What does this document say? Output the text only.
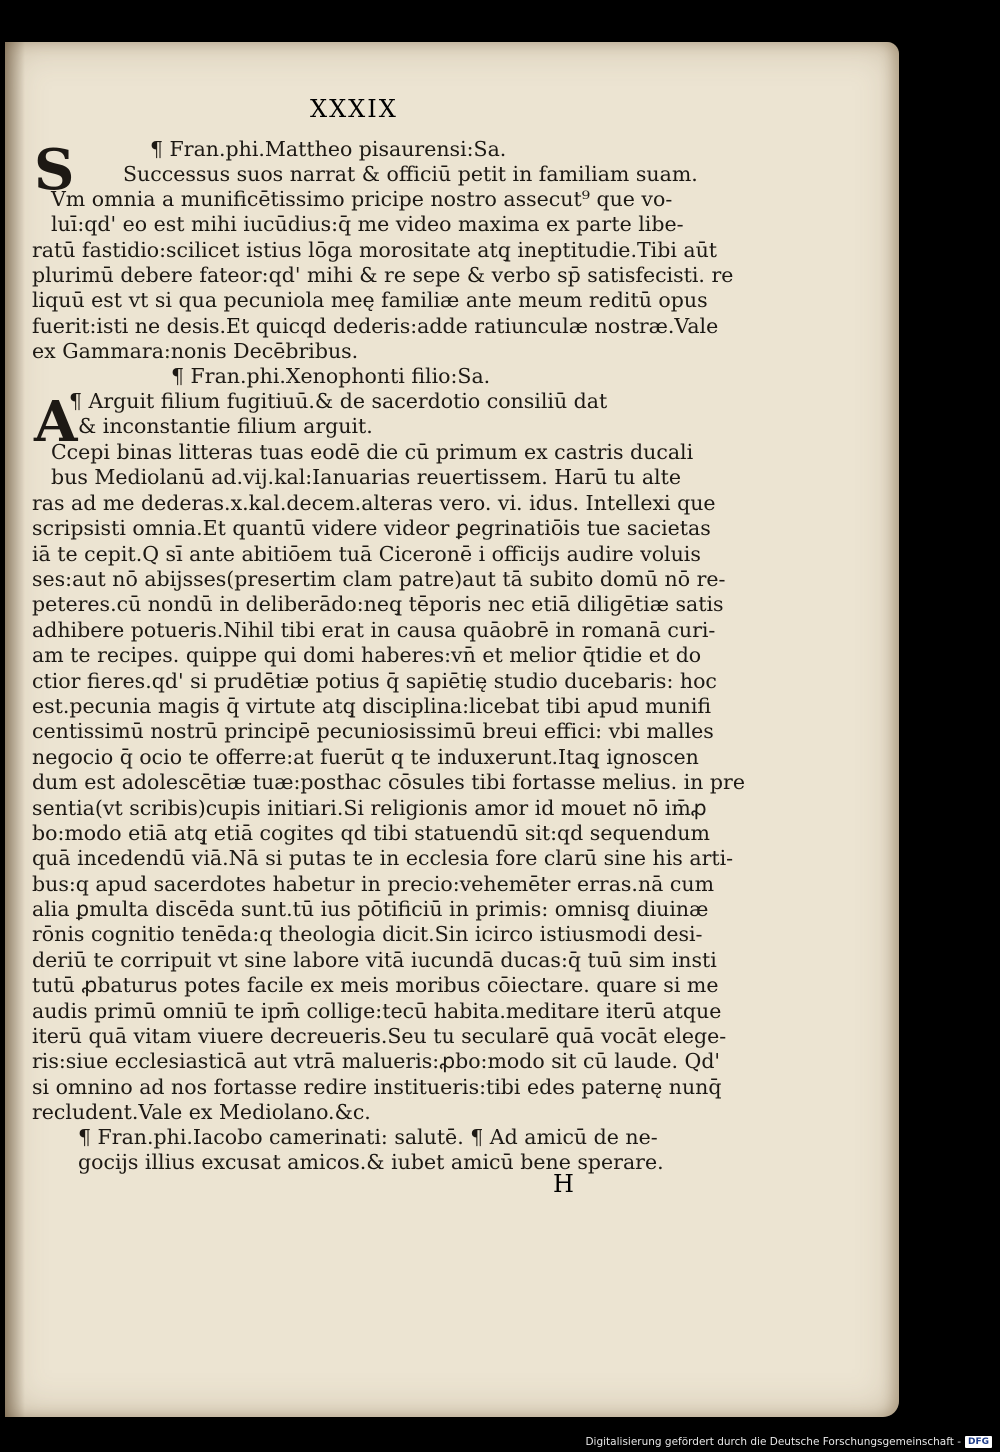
XXXIX
¶ Fran.phi.Mattheo pisaurensi:Sa.
Successus suos narrat & officiū petit in familiam suam.
Vm omnia a munificētissimo pricipe nostro assecut⁹ que vo-
luī:qd' eo est mihi iucūdius:q̄ me video maxima ex parte libe-
ratū fastidio:scilicet istius lōga morositate atq̧ ineptitudie.Tibi aūt
plurimū debere fateor:qd' mihi & re sepe & verbo sp̄ satisfecisti. re
liquū est vt si qua pecuniola meę familiæ ante meum reditū opus
fuerit:isti ne desis.Et quicqd dederis:adde ratiunculæ nostræ.Vale
ex Gammara:nonis Decēbribus.
¶ Fran.phi.Xenophonti filio:Sa.
¶ Arguit filium fugitiuū.& de sacerdotio consiliū dat
& inconstantie filium arguit.
Ccepi binas litteras tuas eodē die cū primum ex castris ducali
bus Mediolanū ad.vij.kal:Ianuarias reuertissem. Harū tu alte
ras ad me dederas.x.kal.decem.alteras vero. vi. idus. Intellexi que
scripsisti omnia.Et quantū videre videor ꝑegrinatiōis tue sacietas
iā te cepit.Q sī ante abitiōem tuā Ciceronē i officijs audire voluis
ses:aut nō abijsses(presertim clam patre)aut tā subito domū nō re-
peteres.cū nondū in deliberādo:neq̧ tēporis nec etiā diligētiæ satis
adhibere potueris.Nihil tibi erat in causa quāobrē in romanā curi-
am te recipes. quippe qui domi haberes:vn̄ et melior q̄tidie et do
ctior fieres.qd' si prudētiæ potius q̄ sapiētię studio ducebaris: hoc
est.pecunia magis q̄ virtute atq̧ disciplina:licebat tibi apud munifi
centissimū nostrū principē pecuniosissimū breui effici: vbi malles
negocio q̄ ocio te offerre:at fuerūt q te induxerunt.Itaq̧ ignoscen
dum est adolescētiæ tuæ:posthac cōsules tibi fortasse melius. in pre
sentia(vt scribis)cupis initiari.Si religionis amor id mouet nō im̄ꝓ
bo:modo etiā atq̧ etiā cogites qd tibi statuendū sit:qd sequendum
quā incedendū viā.Nā si putas te in ecclesia fore clarū sine his arti-
bus:q apud sacerdotes habetur in precio:vehemēter erras.nā cum
alia ꝑmulta discēda sunt.tū ius pōtificiū in primis: omnisq̧ diuinæ
rōnis cognitio tenēda:q theologia dicit.Sin icirco istiusmodi desi-
deriū te corripuit vt sine labore vitā iucundā ducas:q̄ tuū sim insti
tutū ꝓbaturus potes facile ex meis moribus cōiectare. quare si me
audis primū omniū te ipm̄ collige:tecū habita.meditare iterū atque
iterū quā vitam viuere decreueris.Seu tu secularē quā vocāt elege-
ris:siue ecclesiasticā aut vtrā malueris:ꝓbo:modo sit cū laude. Qd'
si omnino ad nos fortasse redire institueris:tibi edes paternę nunq̄
recludent.Vale ex Mediolano.&c.
¶ Fran.phi.Iacobo camerinati: salutē. ¶ Ad amicū de ne-
gocijs illius excusat amicos.& iubet amicū bene sperare.
S
A
H
Digitalisierung gefördert durch die Deutsche Forschungsgemeinschaft - DFG
